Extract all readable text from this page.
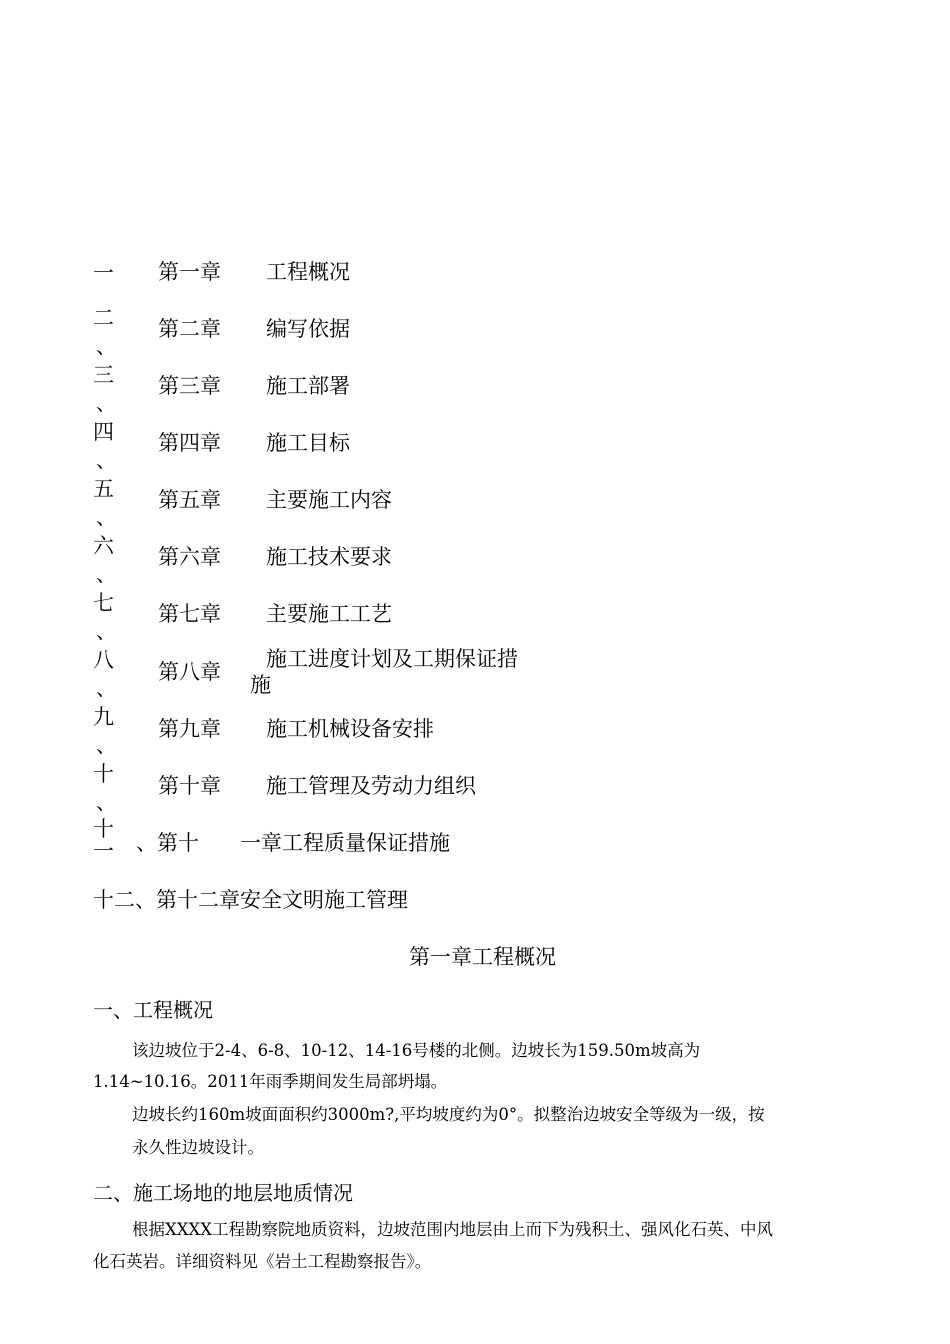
一 第一章 工程概况
二
、
第二章 编写依据
三
、
第三章 施工部署
四
、
第四章 施工目标
五
、
第五章 主要施工内容
六
、
第六章 施工技术要求
七
、
第七章 主要施工工艺
八
、
第八章
施工进度计划及工期保证措
施
九
、
第九章 施工机械设备安排
十
、
第十章 施工管理及劳动力组织
十
一 、第十 一章工程质量保证措施
十二、第十二章安全文明施工管理
第一章工程概况
一、工程概况
该边坡位于2-4、6-8、10-12、14-16号楼的北侧。边坡长为159.50m坡高为
1.14~10.16。2011年雨季期间发生局部坍塌。
边坡长约160m坡面面积约3000m?,平均坡度约为0°。拟整治边坡安全等级为一级，按
永久性边坡设计。
二、施工场地的地层地质情况
根据XXXX工程勘察院地质资料，边坡范围内地层由上而下为残积土、强风化石英、中风
化石英岩。详细资料见《岩土工程勘察报告》。
